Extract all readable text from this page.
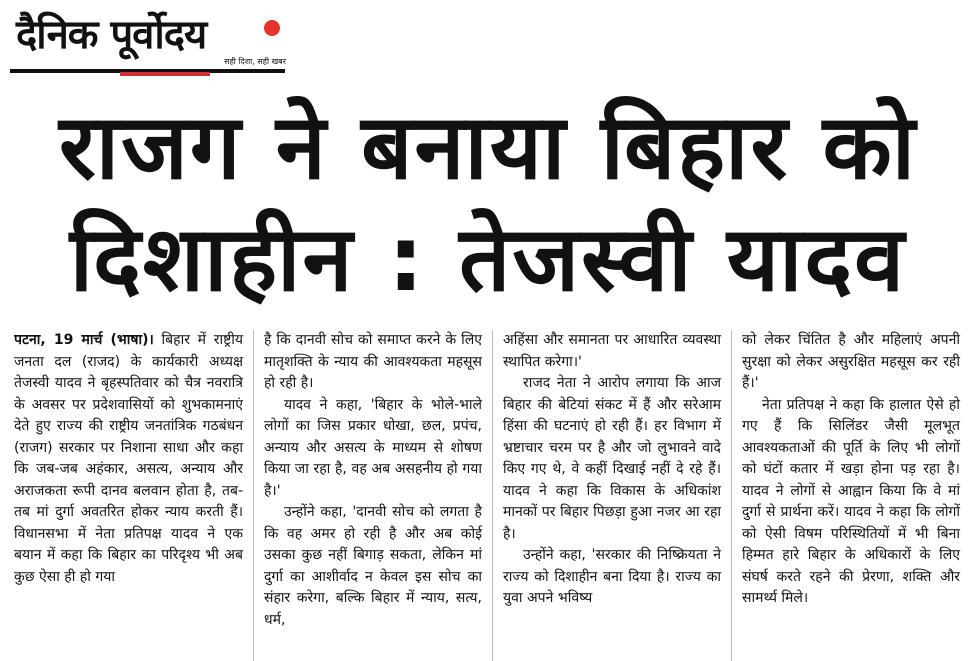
दैनिक पूर्वोदय
सही दिशा, सही खबर
राजग ने बनाया बिहार को
दिशाहीन : तेजस्वी यादव

पटना, 19 मार्च (भाषा)। बिहार में राष्ट्रीय जनता दल (राजद) के कार्यकारी अध्यक्ष तेजस्वी यादव ने बृहस्पतिवार को चैत्र नवरात्रि के अवसर पर प्रदेशवासियों को शुभकामनाएं देते हुए राज्य की राष्ट्रीय जनतांत्रिक गठबंधन (राजग) सरकार पर निशाना साधा और कहा कि जब-जब अहंकार, असत्य, अन्याय और अराजकता रूपी दानव बलवान होता है, तब-तब मां दुर्गा अवतरित होकर न्याय करती हैं। विधानसभा में नेता प्रतिपक्ष यादव ने एक बयान में कहा कि बिहार का परिदृश्य भी अब कुछ ऐसा ही हो गया

है कि दानवी सोच को समाप्त करने के लिए मातृशक्ति के न्याय की आवश्यकता महसूस हो रही है।

यादव ने कहा, 'बिहार के भोले-भाले लोगों का जिस प्रकार धोखा, छल, प्रपंच, अन्याय और असत्य के माध्यम से शोषण किया जा रहा है, वह अब असहनीय हो गया है।'

उन्होंने कहा, 'दानवी सोच को लगता है कि वह अमर हो रही है और अब कोई उसका कुछ नहीं बिगाड़ सकता, लेकिन मां दुर्गा का आशीर्वाद न केवल इस सोच का संहार करेगा, बल्कि बिहार में न्याय, सत्य, धर्म,

अहिंसा और समानता पर आधारित व्यवस्था स्थापित करेगा।'

राजद नेता ने आरोप लगाया कि आज बिहार की बेटियां संकट में हैं और सरेआम हिंसा की घटनाएं हो रही हैं। हर विभाग में भ्रष्टाचार चरम पर है और जो लुभावने वादे किए गए थे, वे कहीं दिखाई नहीं दे रहे हैं। यादव ने कहा कि विकास के अधिकांश मानकों पर बिहार पिछड़ा हुआ नजर आ रहा है।

उन्होंने कहा, 'सरकार की निष्क्रियता ने राज्य को दिशाहीन बना दिया है। राज्य का युवा अपने भविष्य

को लेकर चिंतित है और महिलाएं अपनी सुरक्षा को लेकर असुरक्षित महसूस कर रही हैं।'

नेता प्रतिपक्ष ने कहा कि हालात ऐसे हो गए हैं कि सिलिंडर जैसी मूलभूत आवश्यकताओं की पूर्ति के लिए भी लोगों को घंटों कतार में खड़ा होना पड़ रहा है। यादव ने लोगों से आह्वान किया कि वे मां दुर्गा से प्रार्थना करें। यादव ने कहा कि लोगों को ऐसी विषम परिस्थितियों में भी बिना हिम्मत हारे बिहार के अधिकारों के लिए संघर्ष करते रहने की प्रेरणा, शक्ति और सामर्थ्य मिले।
